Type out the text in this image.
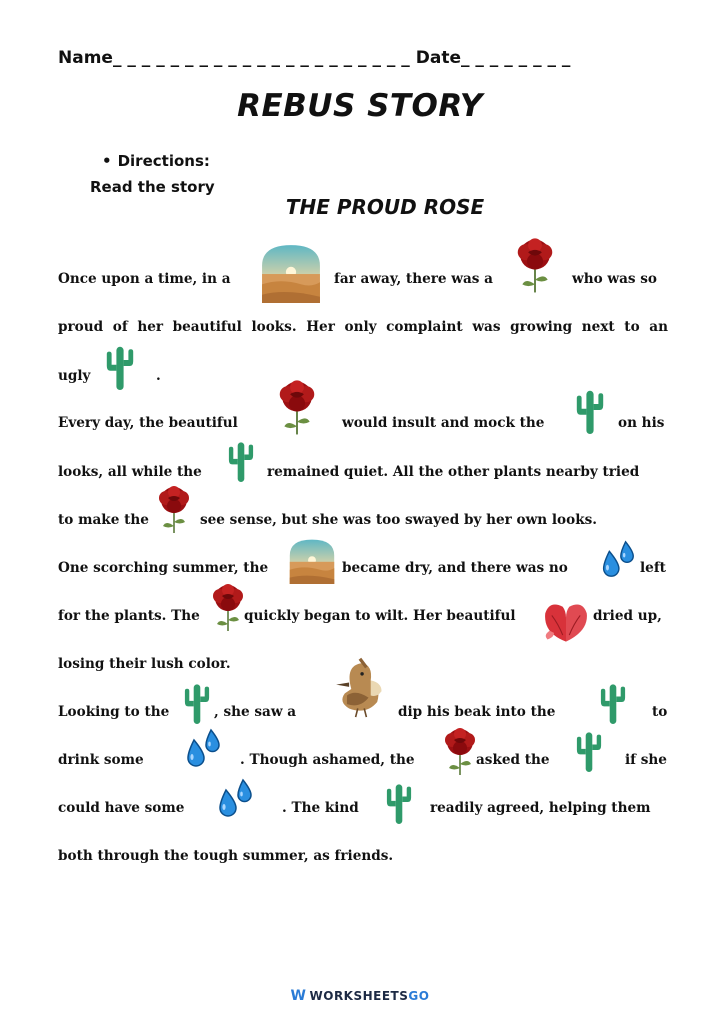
Name_ _ _ _ _ _ _ _ _ _ _ _ _ _ _ _ _ _ _ _ _ Date_ _ _ _ _ _ _ _
REBUS STORY
• Directions:
Read the story
THE PROUD ROSE
Once upon a time, in a	far away, there was a	who was so
proud of her beautiful looks. Her only complaint was growing next to an
ugly	.
Every day, the beautiful	would insult and mock the	on his
looks, all while the	remained quiet. All the other plants nearby tried
to make the	see sense, but she was too swayed by her own looks.
One scorching summer, the	became dry, and there was no	left
for the plants. The	quickly began to wilt. Her beautiful	dried up,
losing their lush color.
Looking to the	, she saw a	dip his beak into the	to
drink some	. Though ashamed, the	asked the	if she
could have some	. The kind	readily agreed, helping them
both through the tough summer, as friends.
W WORKSHEETSGO
